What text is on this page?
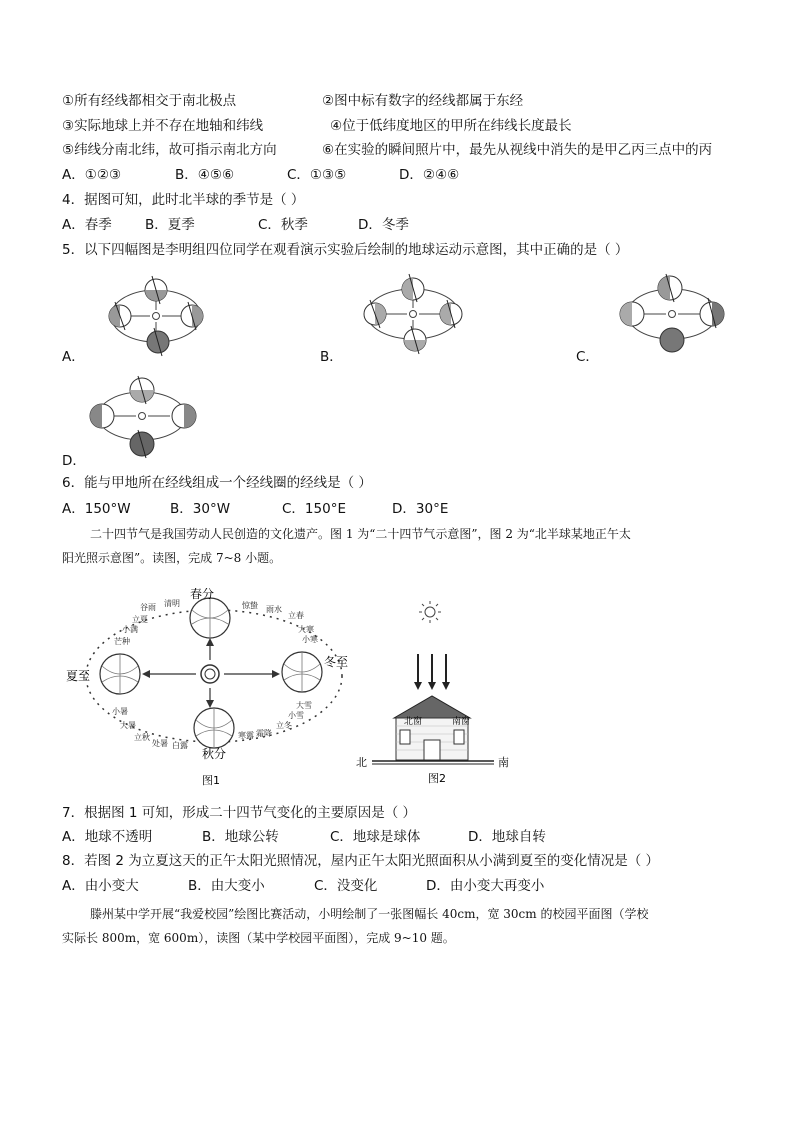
①所有经线都相交于南北极点	②图中标有数字的经线都属于东经
③实际地球上并不存在地轴和纬线	④位于低纬度地区的甲所在纬线长度最长
⑤纬线分南北纬，故可指示南北方向	⑥在实验的瞬间照片中，最先从视线中消失的是甲乙丙三点中的丙
A．①②③	B．④⑤⑥	C．①③⑤	D．②④⑥
4．据图可知，此时北半球的季节是（ ）
A．春季 B．夏季	C．秋季	D．冬季
5．以下四幅图是李明组四位同学在观看演示实验后绘制的地球运动示意图，其中正确的是（ ）
A．	B．	C．
D．
6．能与甲地所在经线组成一个经线圈的经线是（ ）
A．150°W	B．30°W	C．150°E	D．30°E
二十四节气是我国劳动人民创造的文化遗产。图 1 为“二十四节气示意图”，图 2 为“北半球某地正午太
阳光照示意图”。读图，完成 7~8 小题。
春分
夏至
秋分
冬至
谷雨 清明
立夏
小满
芒种
惊蛰 雨水
立春
大寒
小寒
小暑
大暑
立秋
处暑 白露
寒露 霜降
立冬
小雪
大雪
图1
北窗	南窗
北	南
图2
7．根据图 1 可知，形成二十四节气变化的主要原因是（ ）
A．地球不透明	B．地球公转	C．地球是球体	D．地球自转
8．若图 2 为立夏这天的正午太阳光照情况，屋内正午太阳光照面积从小满到夏至的变化情况是（ ）
A．由小变大	B．由大变小	C．没变化	D．由小变大再变小
滕州某中学开展“我爱校园”绘图比赛活动，小明绘制了一张图幅长 40cm，宽 30cm 的校园平面图（学校
实际长 800m，宽 600m），读图（某中学校园平面图），完成 9~10 题。
